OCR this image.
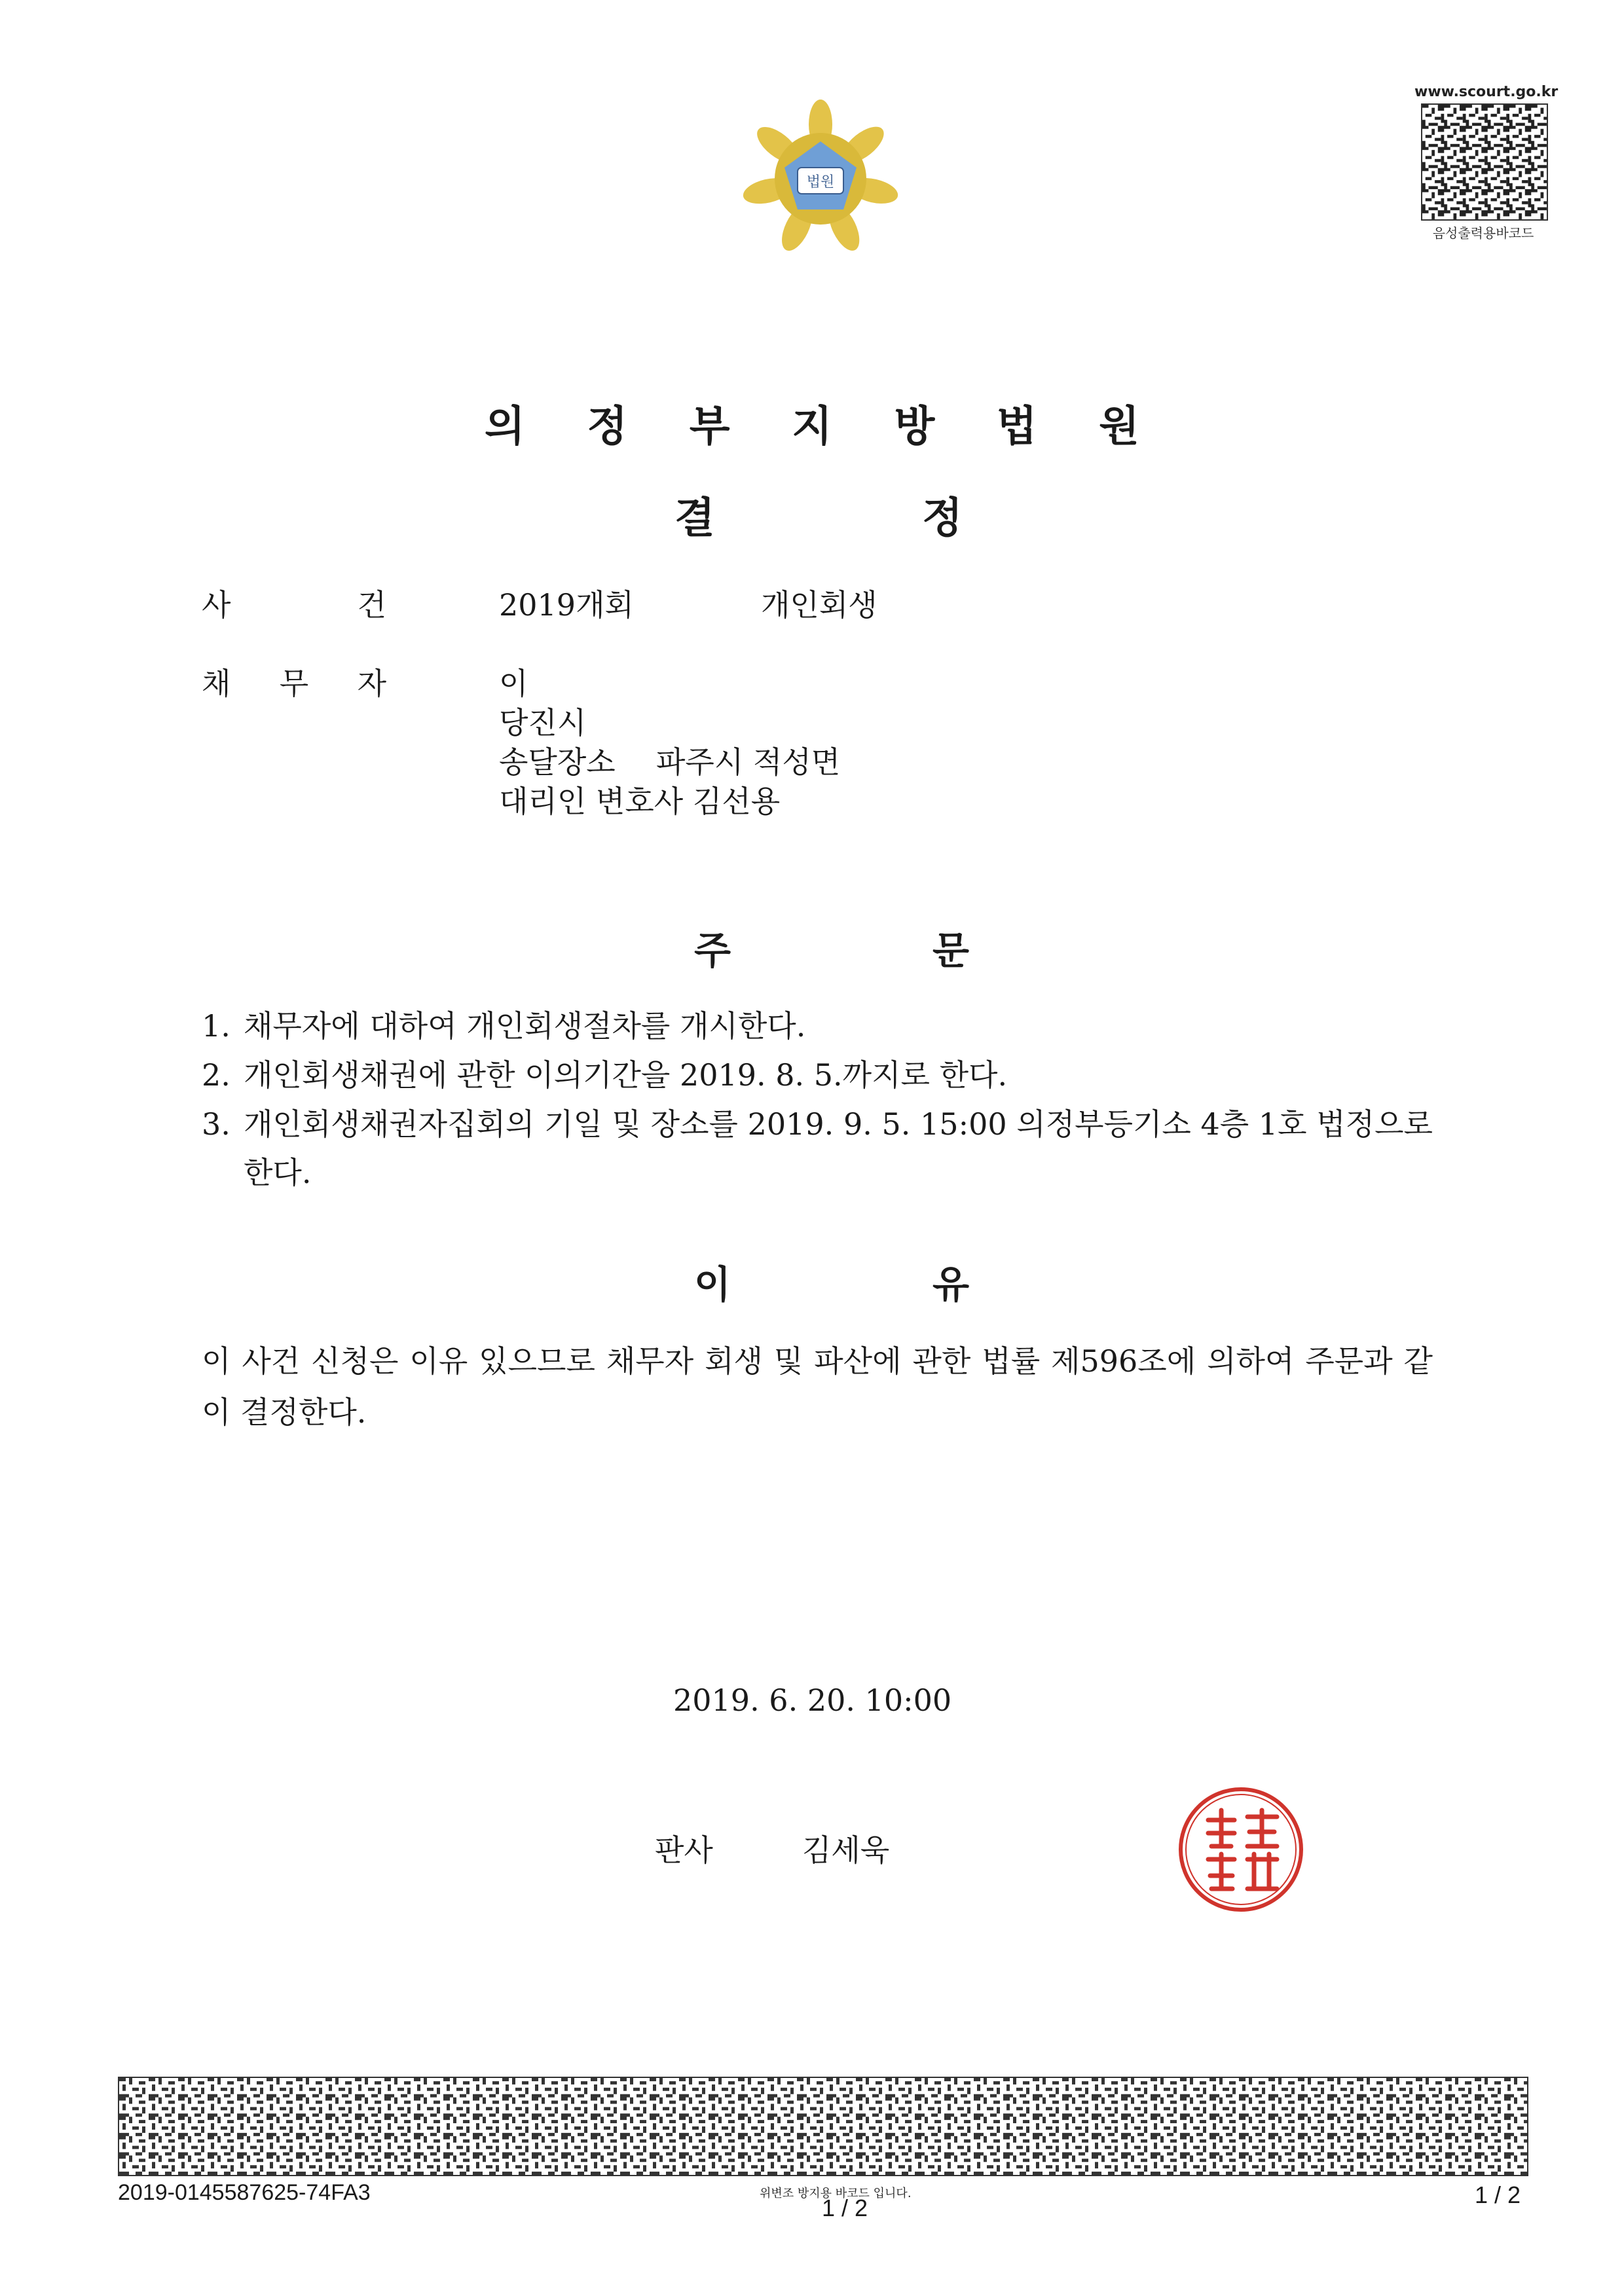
법원
www.scourt.go.kr
음성출력용바코드
의 정 부 지 방 법 원
결	정
사	건	2019개회	개인회생
채 무 자	이
당진시
송달장소 파주시 적성면
대리인 변호사 김선용
주	문
1. 채무자에 대하여 개인회생절차를 개시한다.
2. 개인회생채권에 관한 이의기간을 2019. 8. 5.까지로 한다.
3. 개인회생채권자집회의 기일 및 장소를 2019. 9. 5. 15:00 의정부등기소 4층 1호 법정으로 한다.
이	유
이 사건 신청은 이유 있으므로 채무자 회생 및 파산에 관한 법률 제596조에 의하여 주문과 같이 결정한다.
2019. 6. 20. 10:00
판사	김세욱
2019-0145587625-74FA3	위변조 방지용 바코드 입니다.
1 / 2	1 / 2
